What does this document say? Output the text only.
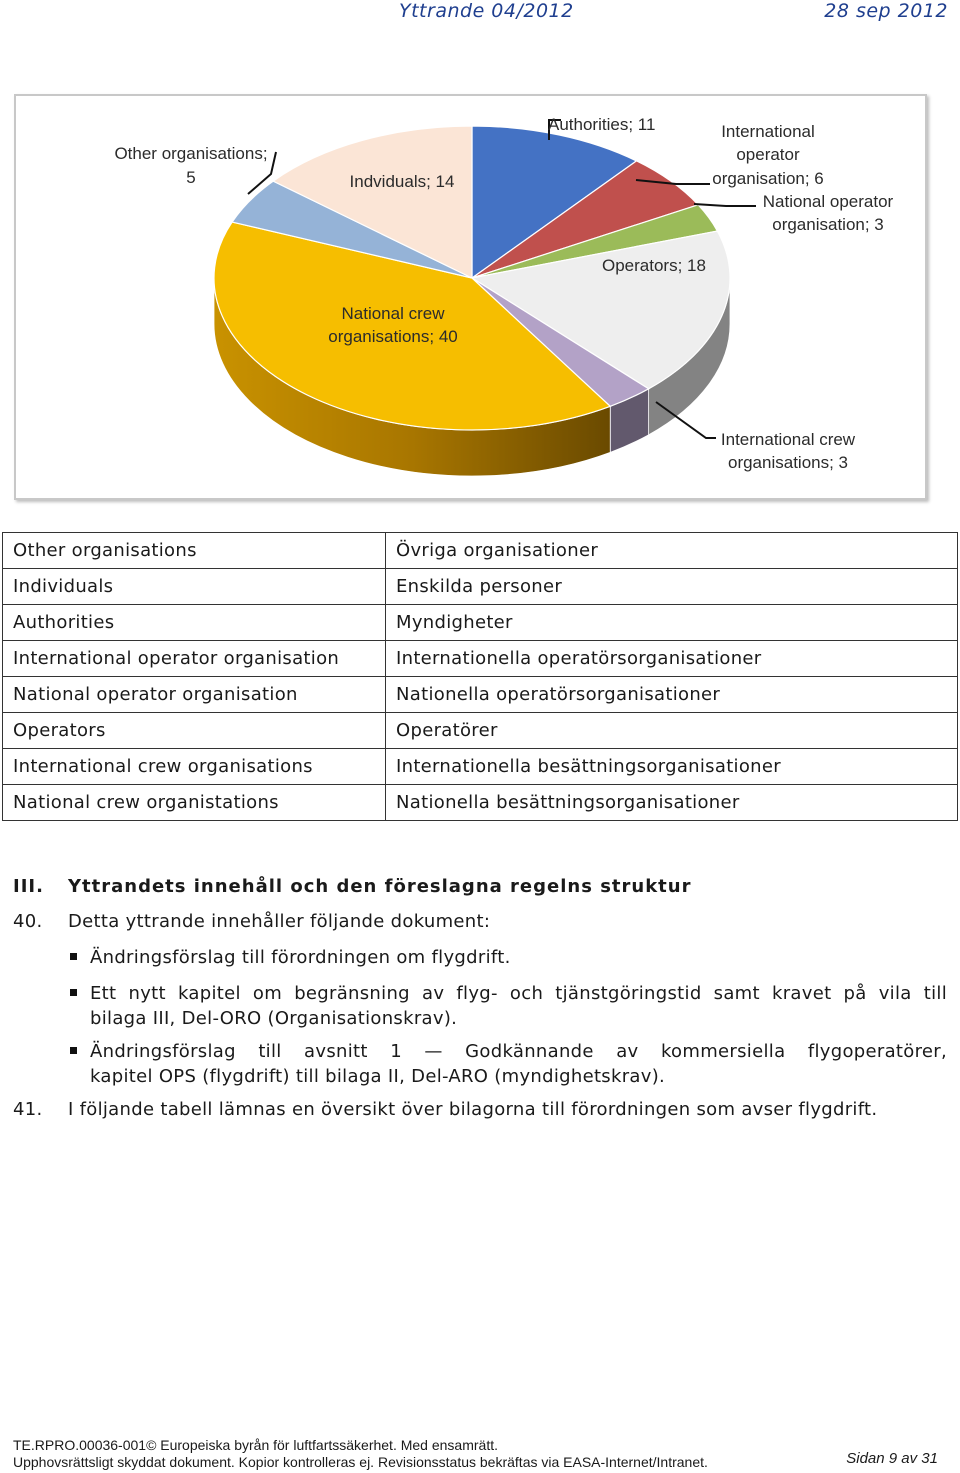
Yttrande 04/2012	28 sep 2012
Authorities; 11	International
operator
organisation; 6
National operator
organisation; 3
Operators; 18
International crew
organisations; 3
National crew
organisations; 40
Other organisations;
5	Indviduals; 14
Other organisations	Övriga organisationer
Individuals	Enskilda personer
Authorities	Myndigheter
International operator organisation	Internationella operatörsorganisationer
National operator organisation	Nationella operatörsorganisationer
Operators	Operatörer
International crew organisations	Internationella besättningsorganisationer
National crew organistations	Nationella besättningsorganisationer
III. Yttrandets innehåll och den föreslagna regelns struktur
40. Detta yttrande innehåller följande dokument:
Ändringsförslag till förordningen om flygdrift.
Ett nytt kapitel om begränsning av flyg- och tjänstgöringstid samt kravet på vila till
bilaga III, Del-ORO (Organisationskrav).
Ändringsförslag till avsnitt 1 — Godkännande av kommersiella flygoperatörer,
kapitel OPS (flygdrift) till bilaga II, Del-ARO (myndighetskrav).
41. I följande tabell lämnas en översikt över bilagorna till förordningen som avser flygdrift.
TE.RPRO.00036-001© Europeiska byrån för luftfartssäkerhet. Med ensamrätt.
Upphovsrättsligt skyddat dokument. Kopior kontrolleras ej. Revisionsstatus bekräftas via EASA-Internet/Intranet.	Sidan 9 av 31
